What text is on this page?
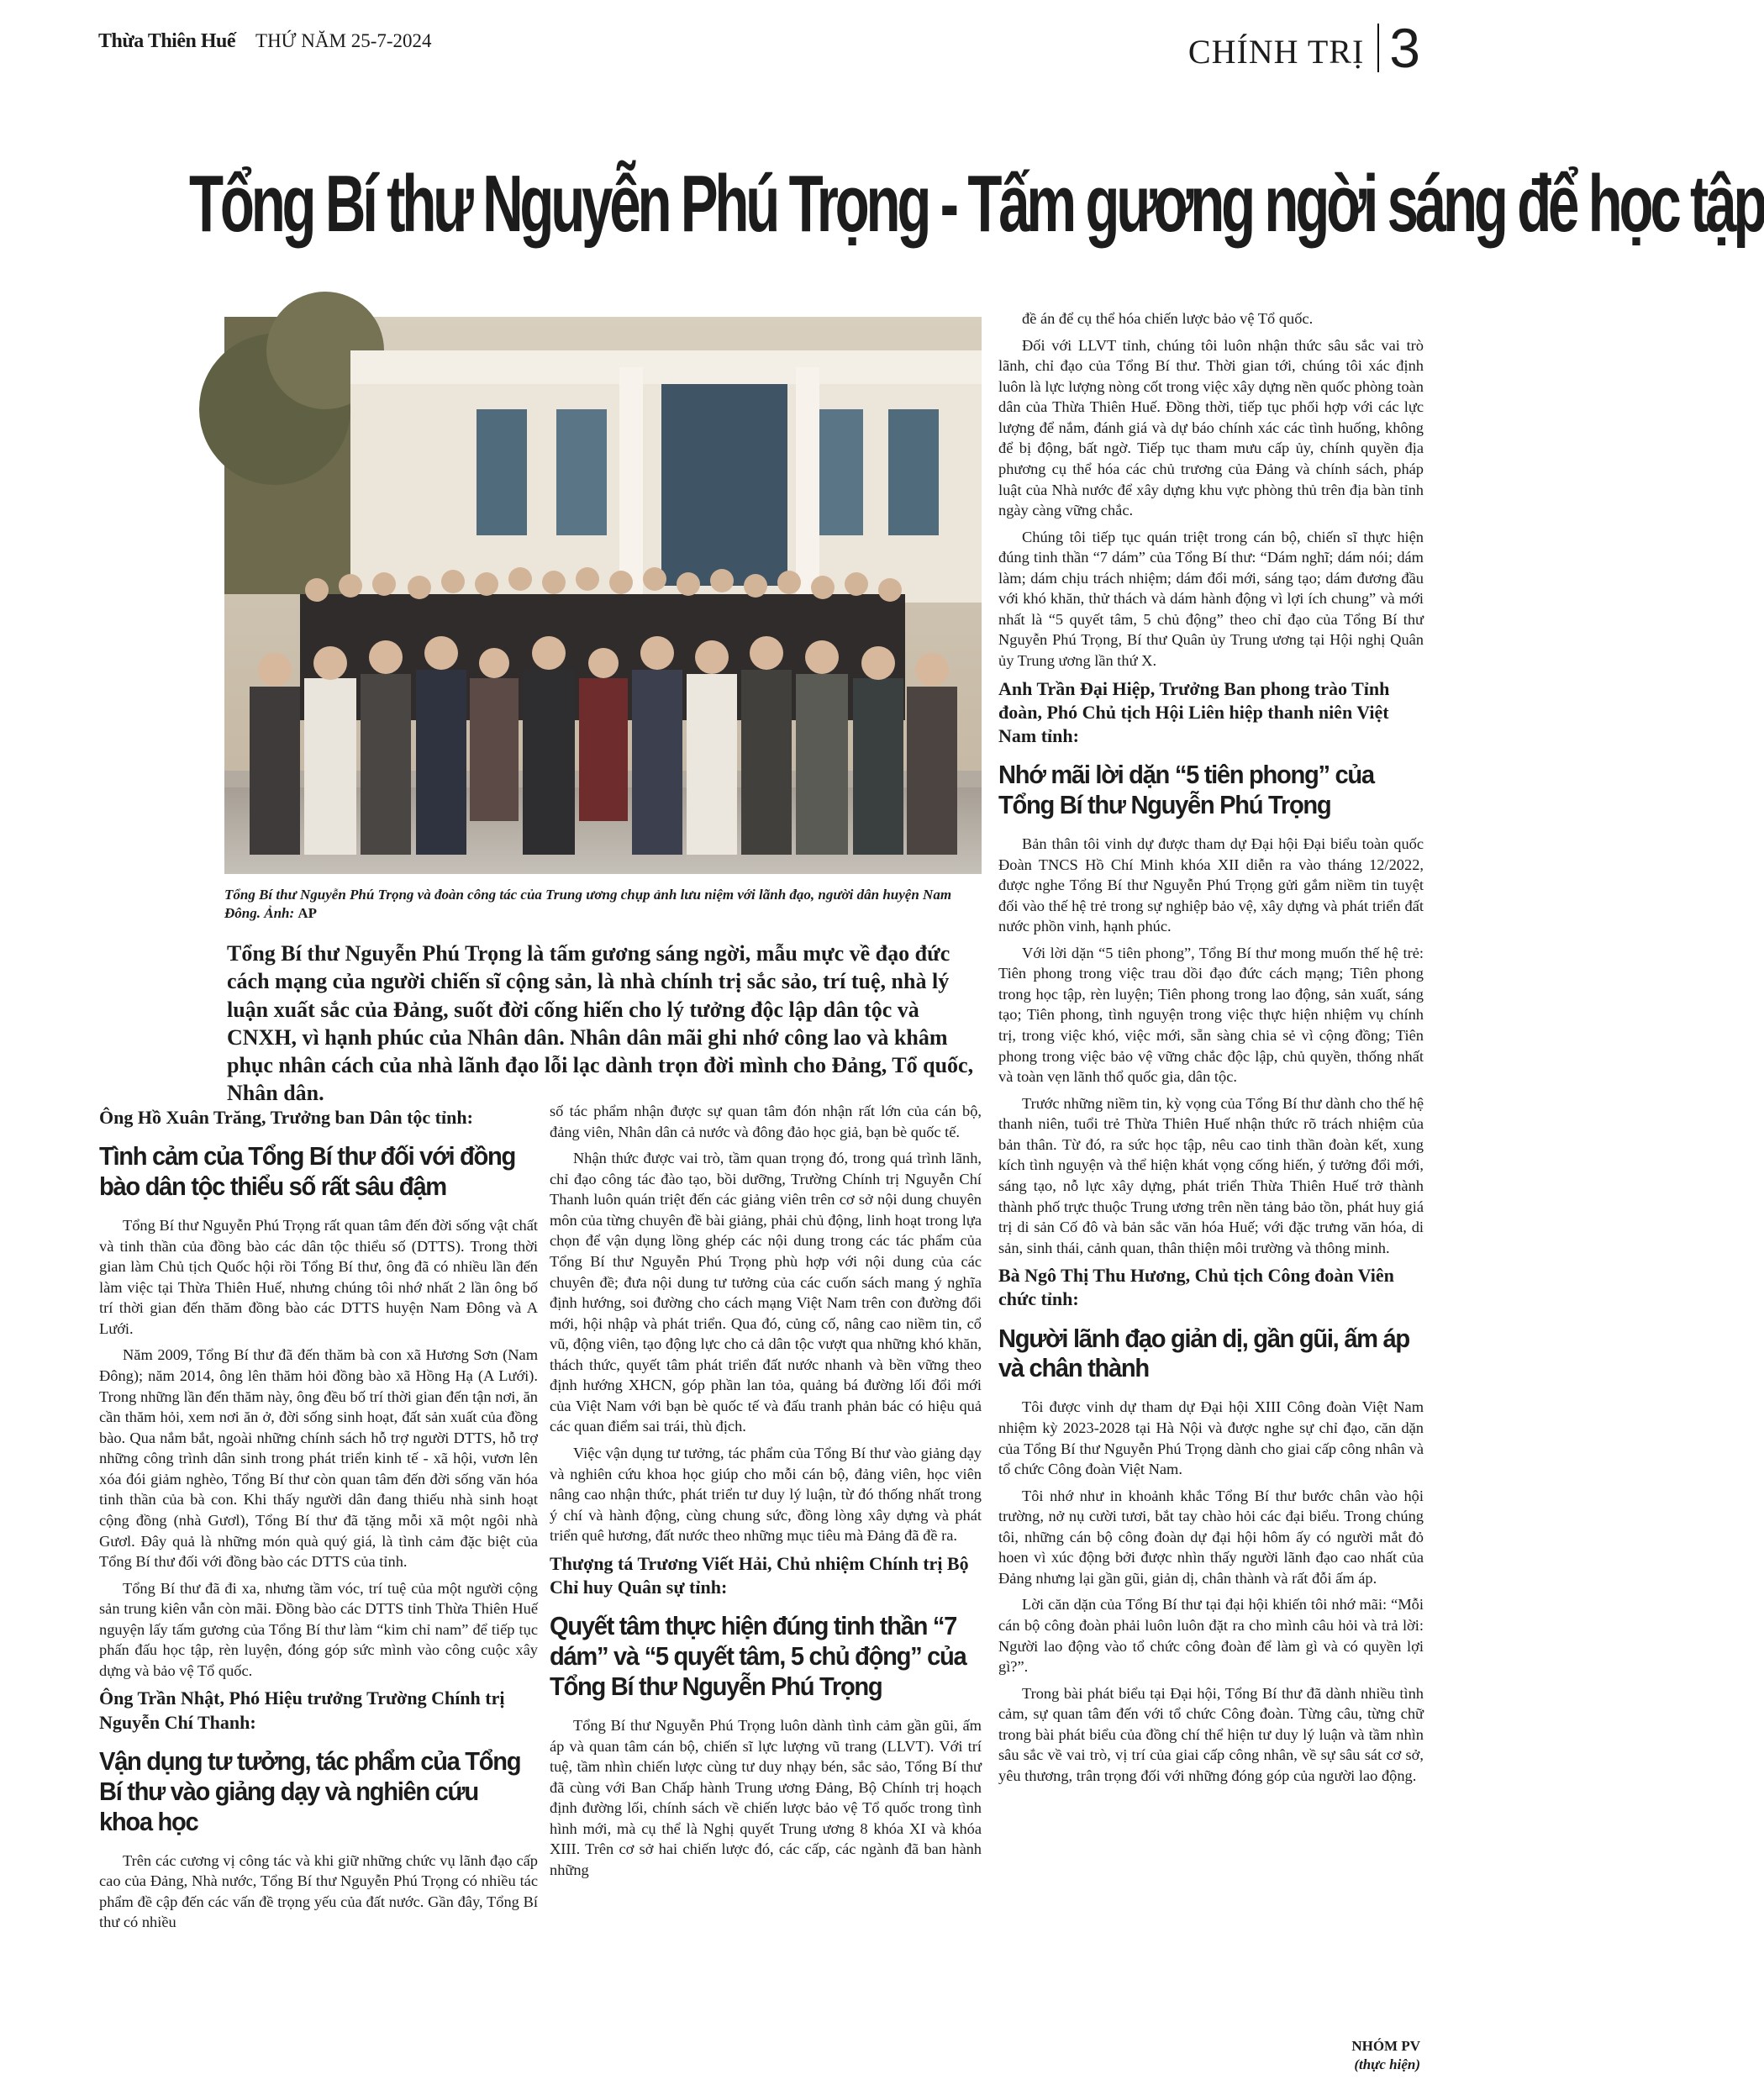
Thừa Thiên Huế THỨ NĂM 25-7-2024	CHÍNH TRỊ 3
Tổng Bí thư Nguyễn Phú Trọng - Tấm gương ngời sáng để học tập

Tổng Bí thư Nguyễn Phú Trọng và đoàn công tác của Trung ương chụp ảnh lưu niệm với lãnh đạo, người dân huyện Nam Đông. Ảnh: AP

Tổng Bí thư Nguyễn Phú Trọng là tấm gương sáng ngời, mẫu mực về đạo đức cách mạng của người chiến sĩ cộng sản, là nhà chính trị sắc sảo, trí tuệ, nhà lý luận xuất sắc của Đảng, suốt đời cống hiến cho lý tưởng độc lập dân tộc và CNXH, vì hạnh phúc của Nhân dân. Nhân dân mãi ghi nhớ công lao và khâm phục nhân cách của nhà lãnh đạo lỗi lạc dành trọn đời mình cho Đảng, Tổ quốc, Nhân dân.

đề án để cụ thể hóa chiến lược bảo vệ Tổ quốc.

Đối với LLVT tỉnh, chúng tôi luôn nhận thức sâu sắc vai trò lãnh, chỉ đạo của Tổng Bí thư. Thời gian tới, chúng tôi xác định luôn là lực lượng nòng cốt trong việc xây dựng nền quốc phòng toàn dân của Thừa Thiên Huế. Đồng thời, tiếp tục phối hợp với các lực lượng để nắm, đánh giá và dự báo chính xác các tình huống, không để bị động, bất ngờ. Tiếp tục tham mưu cấp ủy, chính quyền địa phương cụ thể hóa các chủ trương của Đảng và chính sách, pháp luật của Nhà nước để xây dựng khu vực phòng thủ trên địa bàn tỉnh ngày càng vững chắc.

Chúng tôi tiếp tục quán triệt trong cán bộ, chiến sĩ thực hiện đúng tinh thần “7 dám” của Tổng Bí thư: “Dám nghĩ; dám nói; dám làm; dám chịu trách nhiệm; dám đổi mới, sáng tạo; dám đương đầu với khó khăn, thử thách và dám hành động vì lợi ích chung” và mới nhất là “5 quyết tâm, 5 chủ động” theo chỉ đạo của Tổng Bí thư Nguyễn Phú Trọng, Bí thư Quân ủy Trung ương tại Hội nghị Quân ủy Trung ương lần thứ X.

Anh Trần Đại Hiệp, Trưởng Ban phong trào Tỉnh đoàn, Phó Chủ tịch Hội Liên hiệp thanh niên Việt Nam tỉnh:
Nhớ mãi lời dặn “5 tiên phong” của Tổng Bí thư Nguyễn Phú Trọng

Bản thân tôi vinh dự được tham dự Đại hội Đại biểu toàn quốc Đoàn TNCS Hồ Chí Minh khóa XII diễn ra vào tháng 12/2022, được nghe Tổng Bí thư Nguyễn Phú Trọng gửi gắm niềm tin tuyệt đối vào thế hệ trẻ trong sự nghiệp bảo vệ, xây dựng và phát triển đất nước phồn vinh, hạnh phúc.

Với lời dặn “5 tiên phong”, Tổng Bí thư mong muốn thế hệ trẻ: Tiên phong trong việc trau dồi đạo đức cách mạng; Tiên phong trong học tập, rèn luyện; Tiên phong trong lao động, sản xuất, sáng tạo; Tiên phong, tình nguyện trong việc thực hiện nhiệm vụ chính trị, trong việc khó, việc mới, sẵn sàng chia sẻ vì cộng đồng; Tiên phong trong việc bảo vệ vững chắc độc lập, chủ quyền, thống nhất và toàn vẹn lãnh thổ quốc gia, dân tộc.

Trước những niềm tin, kỳ vọng của Tổng Bí thư dành cho thế hệ thanh niên, tuổi trẻ Thừa Thiên Huế nhận thức rõ trách nhiệm của bản thân. Từ đó, ra sức học tập, nêu cao tinh thần đoàn kết, xung kích tình nguyện và thể hiện khát vọng cống hiến, ý tưởng đổi mới, sáng tạo, nỗ lực xây dựng, phát triển Thừa Thiên Huế trở thành thành phố trực thuộc Trung ương trên nền tảng bảo tồn, phát huy giá trị di sản Cố đô và bản sắc văn hóa Huế; với đặc trưng văn hóa, di sản, sinh thái, cảnh quan, thân thiện môi trường và thông minh.

Bà Ngô Thị Thu Hương, Chủ tịch Công đoàn Viên chức tỉnh:
Người lãnh đạo giản dị, gần gũi, ấm áp và chân thành

Tôi được vinh dự tham dự Đại hội XIII Công đoàn Việt Nam nhiệm kỳ 2023-2028 tại Hà Nội và được nghe sự chỉ đạo, căn dặn của Tổng Bí thư Nguyễn Phú Trọng dành cho giai cấp công nhân và tổ chức Công đoàn Việt Nam.

Tôi nhớ như in khoảnh khắc Tổng Bí thư bước chân vào hội trường, nở nụ cười tươi, bắt tay chào hỏi các đại biểu. Trong chúng tôi, những cán bộ công đoàn dự đại hội hôm ấy có người mắt đỏ hoen vì xúc động bởi được nhìn thấy người lãnh đạo cao nhất của Đảng nhưng lại gần gũi, giản dị, chân thành và rất đỗi ấm áp.

Lời căn dặn của Tổng Bí thư tại đại hội khiến tôi nhớ mãi: “Mỗi cán bộ công đoàn phải luôn luôn đặt ra cho mình câu hỏi và trả lời: Người lao động vào tổ chức công đoàn để làm gì và có quyền lợi gì?”.

Trong bài phát biểu tại Đại hội, Tổng Bí thư đã dành nhiều tình cảm, sự quan tâm đến với tổ chức Công đoàn. Từng câu, từng chữ trong bài phát biểu của đồng chí thể hiện tư duy lý luận và tầm nhìn sâu sắc về vai trò, vị trí của giai cấp công nhân, về sự sâu sát cơ sở, yêu thương, trân trọng đối với những đóng góp của người lao động.

Ông Hồ Xuân Trăng, Trưởng ban Dân tộc tỉnh:
Tình cảm của Tổng Bí thư đối với đồng bào dân tộc thiểu số rất sâu đậm

Tổng Bí thư Nguyễn Phú Trọng rất quan tâm đến đời sống vật chất và tinh thần của đồng bào các dân tộc thiểu số (DTTS). Trong thời gian làm Chủ tịch Quốc hội rồi Tổng Bí thư, ông đã có nhiều lần đến làm việc tại Thừa Thiên Huế, nhưng chúng tôi nhớ nhất 2 lần ông bố trí thời gian đến thăm đồng bào các DTTS huyện Nam Đông và A Lưới.

Năm 2009, Tổng Bí thư đã đến thăm bà con xã Hương Sơn (Nam Đông); năm 2014, ông lên thăm hỏi đồng bào xã Hồng Hạ (A Lưới). Trong những lần đến thăm này, ông đều bố trí thời gian đến tận nơi, ăn cần thăm hỏi, xem nơi ăn ở, đời sống sinh hoạt, đất sản xuất của đồng bào. Qua nắm bắt, ngoài những chính sách hỗ trợ người DTTS, hỗ trợ những công trình dân sinh trong phát triển kinh tế - xã hội, vươn lên xóa đói giảm nghèo, Tổng Bí thư còn quan tâm đến đời sống văn hóa tinh thần của bà con. Khi thấy người dân đang thiếu nhà sinh hoạt cộng đồng (nhà Gươl), Tổng Bí thư đã tặng mỗi xã một ngôi nhà Gươl. Đây quả là những món quà quý giá, là tình cảm đặc biệt của Tổng Bí thư đối với đồng bào các DTTS của tỉnh.

Tổng Bí thư đã đi xa, nhưng tầm vóc, trí tuệ của một người cộng sản trung kiên vẫn còn mãi. Đồng bào các DTTS tỉnh Thừa Thiên Huế nguyện lấy tấm gương của Tổng Bí thư làm “kim chỉ nam” để tiếp tục phấn đấu học tập, rèn luyện, đóng góp sức mình vào công cuộc xây dựng và bảo vệ Tổ quốc.

Ông Trần Nhật, Phó Hiệu trưởng Trường Chính trị Nguyễn Chí Thanh:
Vận dụng tư tưởng, tác phẩm của Tổng Bí thư vào giảng dạy và nghiên cứu khoa học

Trên các cương vị công tác và khi giữ những chức vụ lãnh đạo cấp cao của Đảng, Nhà nước, Tổng Bí thư Nguyễn Phú Trọng có nhiều tác phẩm đề cập đến các vấn đề trọng yếu của đất nước. Gần đây, Tổng Bí thư có nhiều

số tác phẩm nhận được sự quan tâm đón nhận rất lớn của cán bộ, đảng viên, Nhân dân cả nước và đông đảo học giả, bạn bè quốc tế.

Nhận thức được vai trò, tầm quan trọng đó, trong quá trình lãnh, chỉ đạo công tác đào tạo, bồi dưỡng, Trường Chính trị Nguyễn Chí Thanh luôn quán triệt đến các giảng viên trên cơ sở nội dung chuyên môn của từng chuyên đề bài giảng, phải chủ động, linh hoạt trong lựa chọn để vận dụng lồng ghép các nội dung trong các tác phẩm của Tổng Bí thư Nguyễn Phú Trọng phù hợp với nội dung của các chuyên đề; đưa nội dung tư tưởng của các cuốn sách mang ý nghĩa định hướng, soi đường cho cách mạng Việt Nam trên con đường đổi mới, hội nhập và phát triển. Qua đó, củng cố, nâng cao niềm tin, cổ vũ, động viên, tạo động lực cho cả dân tộc vượt qua những khó khăn, thách thức, quyết tâm phát triển đất nước nhanh và bền vững theo định hướng XHCN, góp phần lan tỏa, quảng bá đường lối đổi mới của Việt Nam với bạn bè quốc tế và đấu tranh phản bác có hiệu quả các quan điểm sai trái, thù địch.

Việc vận dụng tư tưởng, tác phẩm của Tổng Bí thư vào giảng dạy và nghiên cứu khoa học giúp cho mỗi cán bộ, đảng viên, học viên nâng cao nhận thức, phát triển tư duy lý luận, từ đó thống nhất trong ý chí và hành động, cùng chung sức, đồng lòng xây dựng và phát triển quê hương, đất nước theo những mục tiêu mà Đảng đã đề ra.

Thượng tá Trương Viết Hải, Chủ nhiệm Chính trị Bộ Chỉ huy Quân sự tỉnh:
Quyết tâm thực hiện đúng tinh thần “7 dám” và “5 quyết tâm, 5 chủ động” của Tổng Bí thư Nguyễn Phú Trọng

Tổng Bí thư Nguyễn Phú Trọng luôn dành tình cảm gần gũi, ấm áp và quan tâm cán bộ, chiến sĩ lực lượng vũ trang (LLVT). Với trí tuệ, tầm nhìn chiến lược cùng tư duy nhạy bén, sắc sảo, Tổng Bí thư đã cùng với Ban Chấp hành Trung ương Đảng, Bộ Chính trị hoạch định đường lối, chính sách về chiến lược bảo vệ Tổ quốc trong tình hình mới, mà cụ thể là Nghị quyết Trung ương 8 khóa XI và khóa XIII. Trên cơ sở hai chiến lược đó, các cấp, các ngành đã ban hành những

NHÓM PV
(thực hiện)
